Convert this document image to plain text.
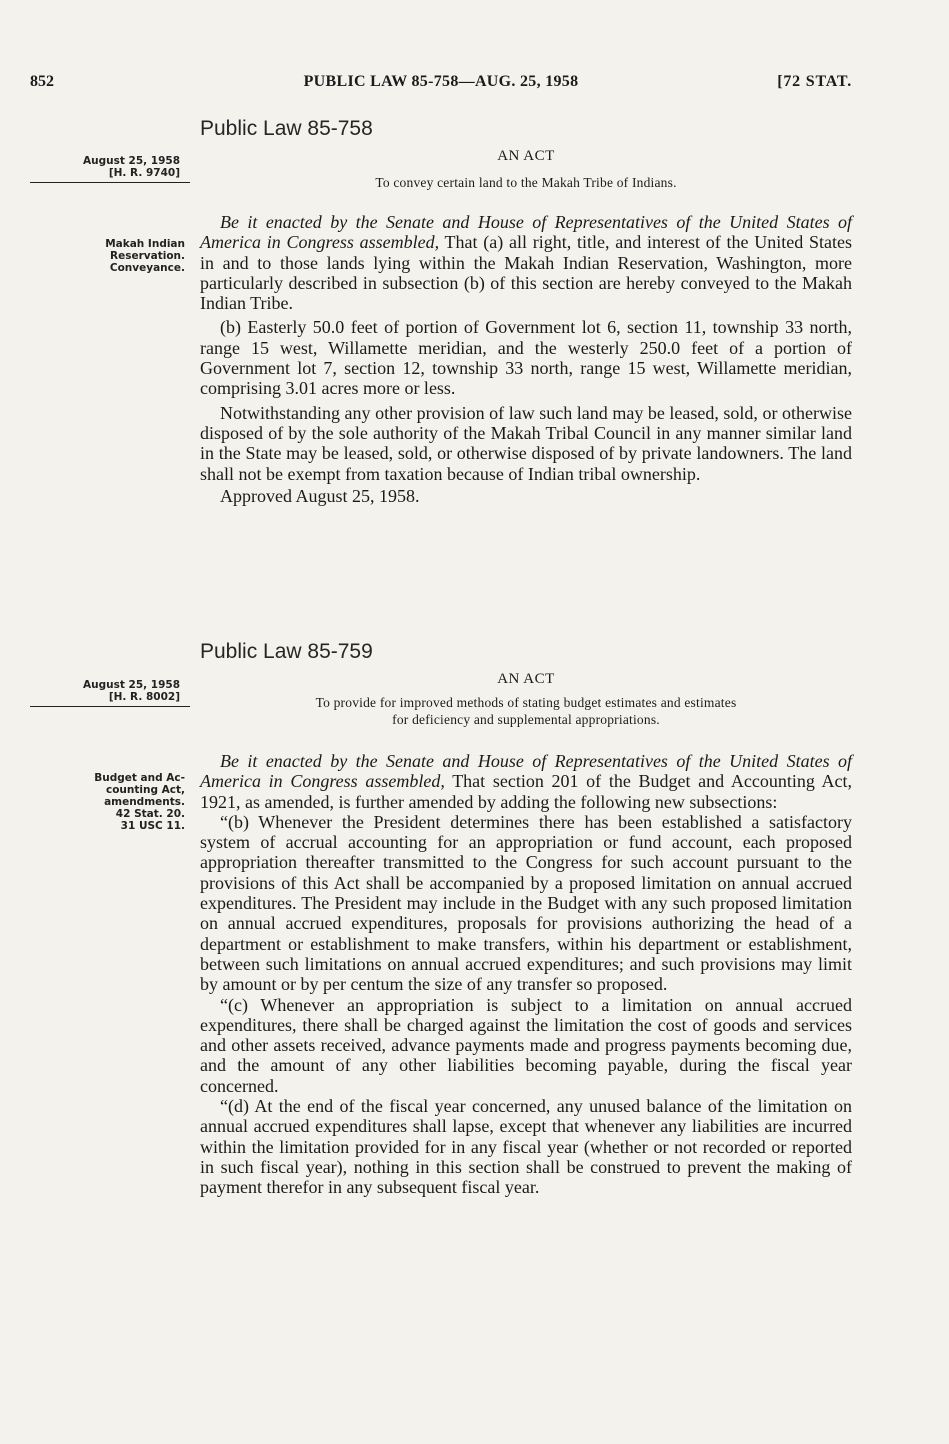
852	PUBLIC LAW 85-758—AUG. 25, 1958	[72 STAT.
Public Law 85-758
August 25, 1958
[H. R. 9740]
AN ACT
To convey certain land to the Makah Tribe of Indians.
Makah Indian
Reservation.
Conveyance.

Be it enacted by the Senate and House of Representatives of the United States of America in Congress assembled, That (a) all right, title, and interest of the United States in and to those lands lying within the Makah Indian Reservation, Washington, more particularly described in subsection (b) of this section are hereby conveyed to the Makah Indian Tribe.

(b) Easterly 50.0 feet of portion of Government lot 6, section 11, township 33 north, range 15 west, Willamette meridian, and the westerly 250.0 feet of a portion of Government lot 7, section 12, township 33 north, range 15 west, Willamette meridian, comprising 3.01 acres more or less.

Notwithstanding any other provision of law such land may be leased, sold, or otherwise disposed of by the sole authority of the Makah Tribal Council in any manner similar land in the State may be leased, sold, or otherwise disposed of by private landowners. The land shall not be exempt from taxation because of Indian tribal ownership.

Approved August 25, 1958.

Public Law 85-759
August 25, 1958
[H. R. 8002]
AN ACT
To provide for improved methods of stating budget estimates and estimates
for deficiency and supplemental appropriations.
Budget and Ac-
counting Act,
amendments.
42 Stat. 20.
31 USC 11.

Be it enacted by the Senate and House of Representatives of the United States of America in Congress assembled, That section 201 of the Budget and Accounting Act, 1921, as amended, is further amended by adding the following new subsections:

“(b) Whenever the President determines there has been established a satisfactory system of accrual accounting for an appropriation or fund account, each proposed appropriation thereafter transmitted to the Congress for such account pursuant to the provisions of this Act shall be accompanied by a proposed limitation on annual accrued expenditures. The President may include in the Budget with any such proposed limitation on annual accrued expenditures, proposals for provisions authorizing the head of a department or establishment to make transfers, within his department or establishment, between such limitations on annual accrued expenditures; and such provisions may limit by amount or by per centum the size of any transfer so proposed.

“(c) Whenever an appropriation is subject to a limitation on annual accrued expenditures, there shall be charged against the limitation the cost of goods and services and other assets received, advance payments made and progress payments becoming due, and the amount of any other liabilities becoming payable, during the fiscal year concerned.

“(d) At the end of the fiscal year concerned, any unused balance of the limitation on annual accrued expenditures shall lapse, except that whenever any liabilities are incurred within the limitation provided for in any fiscal year (whether or not recorded or reported in such fiscal year), nothing in this section shall be construed to prevent the making of payment therefor in any subsequent fiscal year.
